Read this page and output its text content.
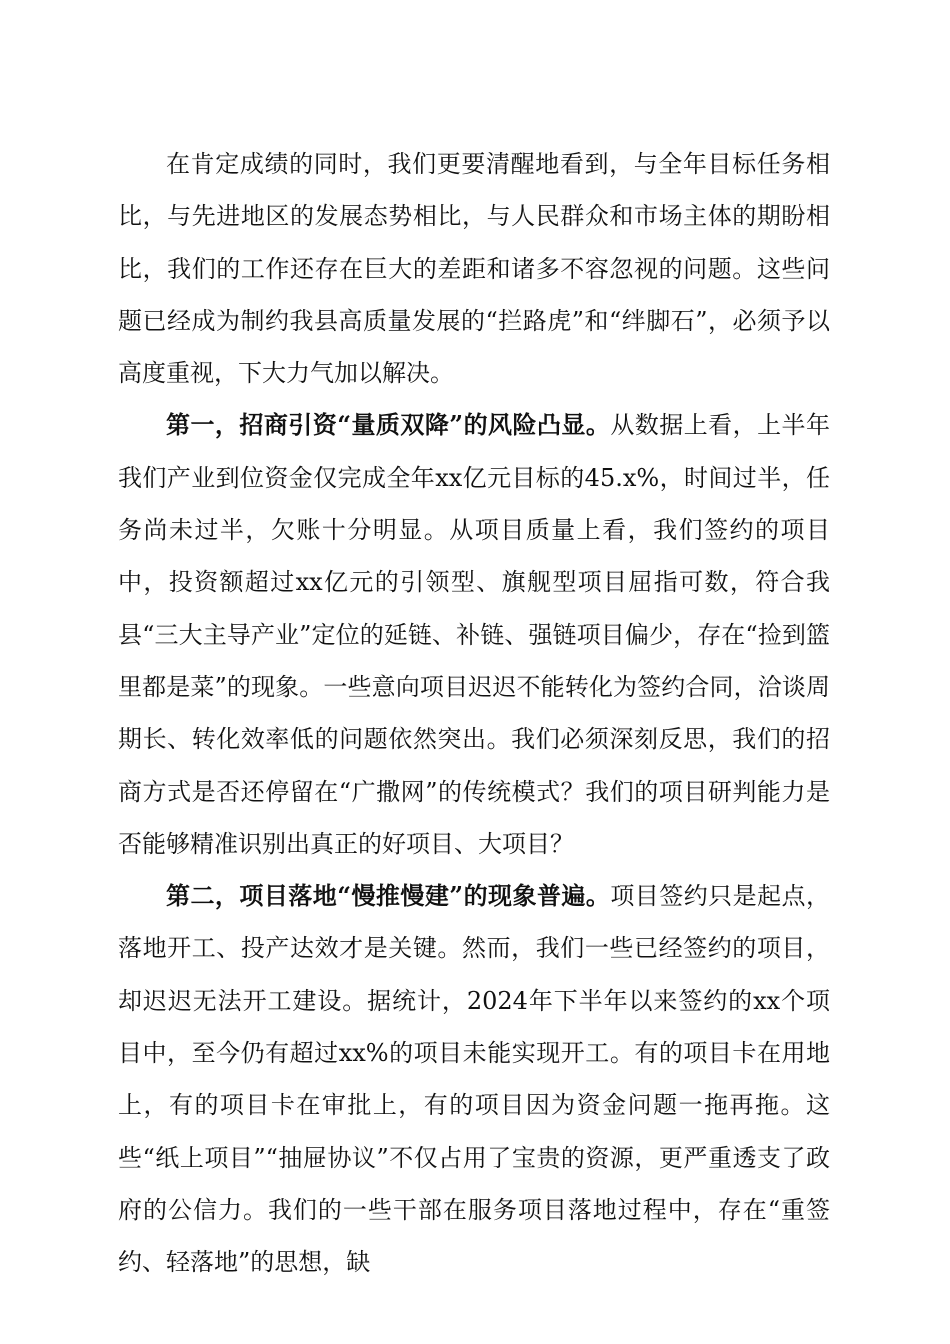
在肯定成绩的同时，我们更要清醒地看到，与全年目标任务相比，与先进地区的发展态势相比，与人民群众和市场主体的期盼相比，我们的工作还存在巨大的差距和诸多不容忽视的问题。这些问题已经成为制约我县高质量发展的“拦路虎”和“绊脚石”，必须予以高度重视，下大力气加以解决。

第一，招商引资“量质双降”的风险凸显。从数据上看，上半年我们产业到位资金仅完成全年xx亿元目标的45.x%，时间过半，任务尚未过半，欠账十分明显。从项目质量上看，我们签约的项目中，投资额超过xx亿元的引领型、旗舰型项目屈指可数，符合我县“三大主导产业”定位的延链、补链、强链项目偏少，存在“捡到篮里都是菜”的现象。一些意向项目迟迟不能转化为签约合同，洽谈周期长、转化效率低的问题依然突出。我们必须深刻反思，我们的招商方式是否还停留在“广撒网”的传统模式？我们的项目研判能力是否能够精准识别出真正的好项目、大项目？

第二，项目落地“慢推慢建”的现象普遍。项目签约只是起点，落地开工、投产达效才是关键。然而，我们一些已经签约的项目，却迟迟无法开工建设。据统计，2024年下半年以来签约的xx个项目中，至今仍有超过xx%的项目未能实现开工。有的项目卡在用地上，有的项目卡在审批上，有的项目因为资金问题一拖再拖。这些“纸上项目”“抽屉协议”不仅占用了宝贵的资源，更严重透支了政府的公信力。我们的一些干部在服务项目落地过程中，存在“重签约、轻落地”的思想，缺
